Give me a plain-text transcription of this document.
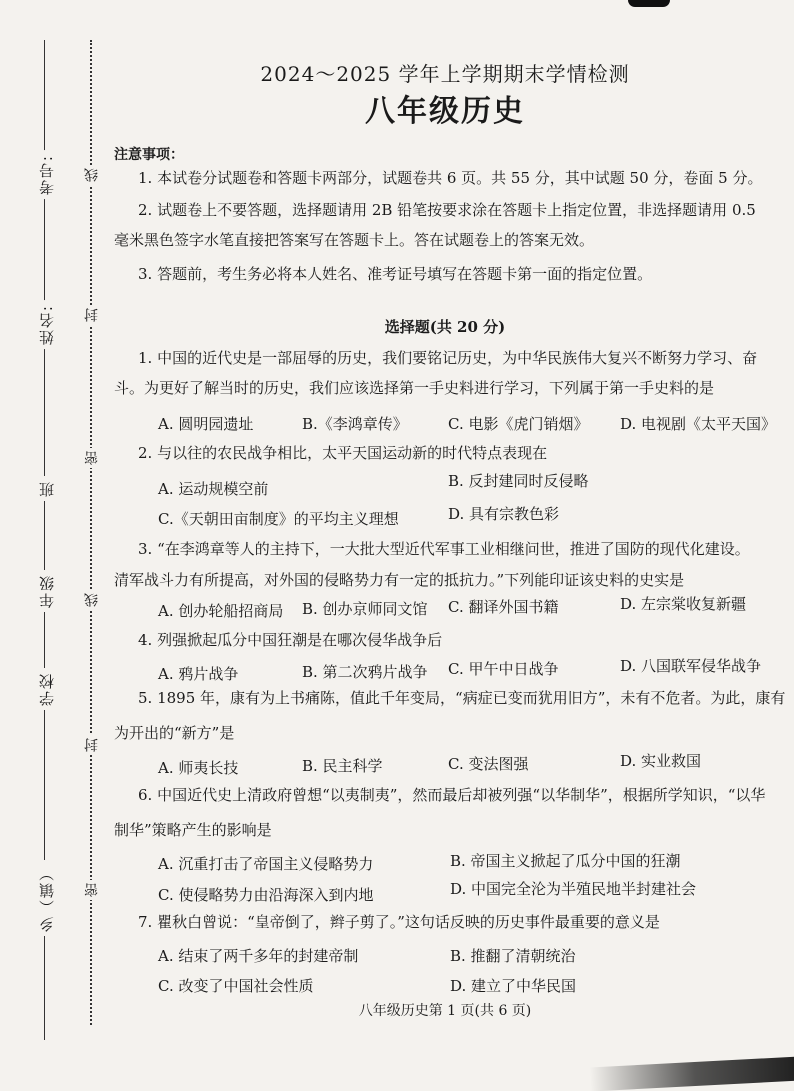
考号:
姓名:
班
年级
学校
乡（镇）
线
封
密
线
封
密
2024～2025 学年上学期期末学情检测
八年级历史
注意事项：
1. 本试卷分试题卷和答题卡两部分，试题卷共 6 页。共 55 分，其中试题 50 分，卷面 5 分。
2. 试题卷上不要答题，选择题请用 2B 铅笔按要求涂在答题卡上指定位置，非选择题请用 0.5
毫米黑色签字水笔直接把答案写在答题卡上。答在试题卷上的答案无效。
3. 答题前，考生务必将本人姓名、准考证号填写在答题卡第一面的指定位置。
选择题(共 20 分)
1. 中国的近代史是一部屈辱的历史，我们要铭记历史，为中华民族伟大复兴不断努力学习、奋
斗。为更好了解当时的历史，我们应该选择第一手史料进行学习，下列属于第一手史料的是
A. 圆明园遗址	B.《李鸿章传》	C. 电影《虎门销烟》 D. 电视剧《太平天国》
2. 与以往的农民战争相比，太平天国运动新的时代特点表现在
A. 运动规模空前	B. 反封建同时反侵略
C.《天朝田亩制度》的平均主义理想	D. 具有宗教色彩
3. “在李鸿章等人的主持下，一大批大型近代军事工业相继问世，推进了国防的现代化建设。
清军战斗力有所提高，对外国的侵略势力有一定的抵抗力。”下列能印证该史料的史实是
A. 创办轮船招商局 B. 创办京师同文馆 C. 翻译外国书籍	D. 左宗棠收复新疆
4. 列强掀起瓜分中国狂潮是在哪次侵华战争后
A. 鸦片战争	B. 第二次鸦片战争 C. 甲午中日战争	D. 八国联军侵华战争
5. 1895 年，康有为上书痛陈，值此千年变局，“病症已变而犹用旧方”，未有不危者。为此，康有
为开出的“新方”是
A. 师夷长技	B. 民主科学	C. 变法图强	D. 实业救国
6. 中国近代史上清政府曾想“以夷制夷”，然而最后却被列强“以华制华”，根据所学知识，“以华
制华”策略产生的影响是
A. 沉重打击了帝国主义侵略势力	B. 帝国主义掀起了瓜分中国的狂潮
C. 使侵略势力由沿海深入到内地	D. 中国完全沦为半殖民地半封建社会
7. 瞿秋白曾说：“皇帝倒了，辫子剪了。”这句话反映的历史事件最重要的意义是
A. 结束了两千多年的封建帝制	B. 推翻了清朝统治
C. 改变了中国社会性质	D. 建立了中华民国
八年级历史第 1 页(共 6 页)
